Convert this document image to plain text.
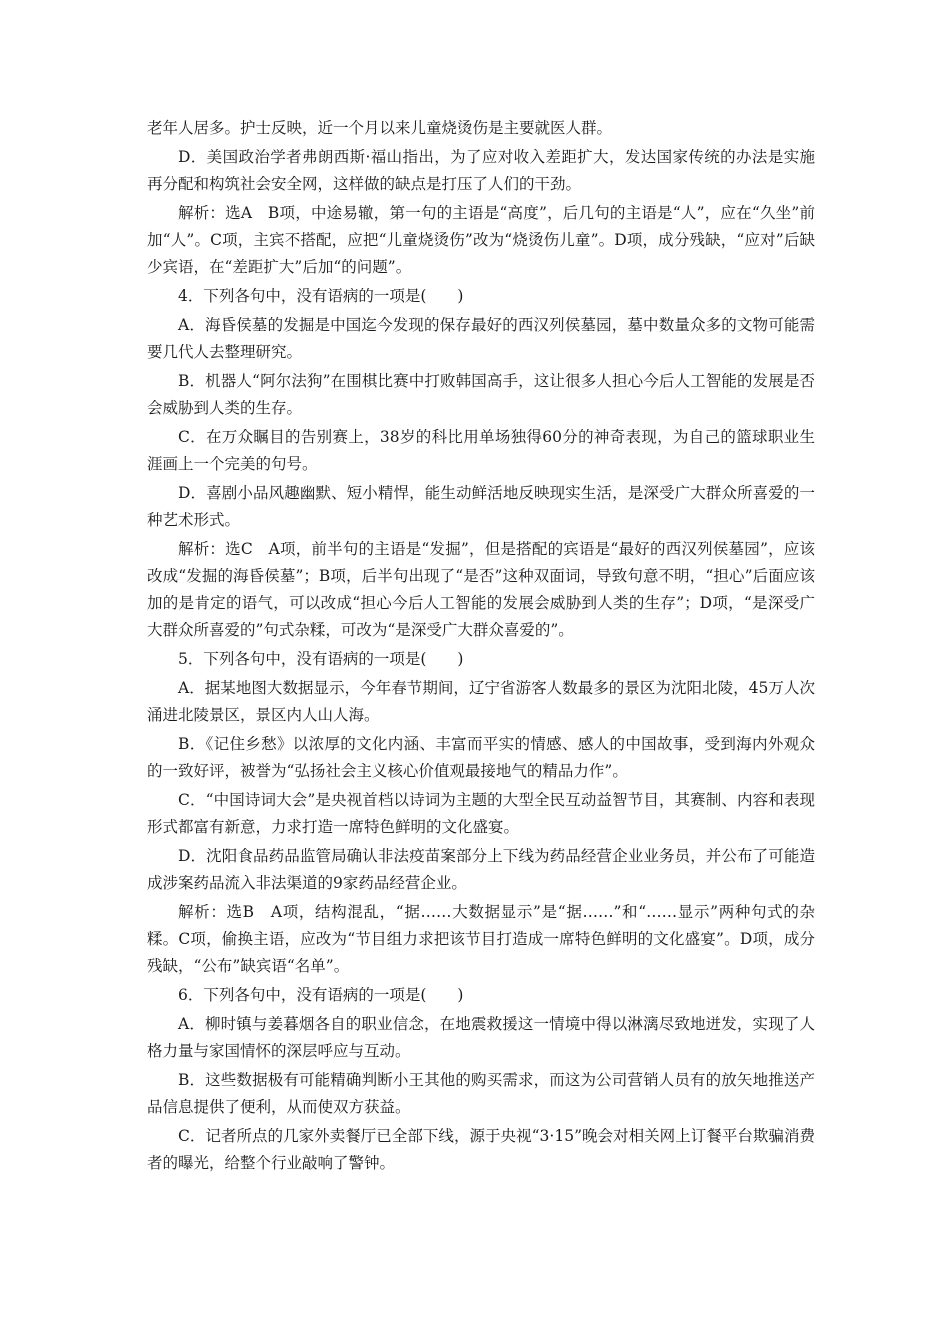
老年人居多。护士反映，近一个月以来儿童烧烫伤是主要就医人群。

D．美国政治学者弗朗西斯·福山指出，为了应对收入差距扩大，发达国家传统的办法是实施再分配和构筑社会安全网，这样做的缺点是打压了人们的干劲。

解析：选A　B项，中途易辙，第一句的主语是“高度”，后几句的主语是“人”，应在“久坐”前加“人”。C项，主宾不搭配，应把“儿童烧烫伤”改为“烧烫伤儿童”。D项，成分残缺，“应对”后缺少宾语，在“差距扩大”后加“的问题”。

4．下列各句中，没有语病的一项是(　　)

A．海昏侯墓的发掘是中国迄今发现的保存最好的西汉列侯墓园，墓中数量众多的文物可能需要几代人去整理研究。

B．机器人“阿尔法狗”在围棋比赛中打败韩国高手，这让很多人担心今后人工智能的发展是否会威胁到人类的生存。

C．在万众瞩目的告别赛上，38岁的科比用单场独得60分的神奇表现，为自己的篮球职业生涯画上一个完美的句号。

D．喜剧小品风趣幽默、短小精悍，能生动鲜活地反映现实生活，是深受广大群众所喜爱的一种艺术形式。

解析：选C　A项，前半句的主语是“发掘”，但是搭配的宾语是“最好的西汉列侯墓园”，应该改成“发掘的海昏侯墓”；B项，后半句出现了“是否”这种双面词，导致句意不明，“担心”后面应该加的是肯定的语气，可以改成“担心今后人工智能的发展会威胁到人类的生存”；D项，“是深受广大群众所喜爱的”句式杂糅，可改为“是深受广大群众喜爱的”。

5．下列各句中，没有语病的一项是(　　)

A．据某地图大数据显示，今年春节期间，辽宁省游客人数最多的景区为沈阳北陵，45万人次涌进北陵景区，景区内人山人海。

B．《记住乡愁》以浓厚的文化内涵、丰富而平实的情感、感人的中国故事，受到海内外观众的一致好评，被誉为“弘扬社会主义核心价值观最接地气的精品力作”。

C．“中国诗词大会”是央视首档以诗词为主题的大型全民互动益智节目，其赛制、内容和表现形式都富有新意，力求打造一席特色鲜明的文化盛宴。

D．沈阳食品药品监管局确认非法疫苗案部分上下线为药品经营企业业务员，并公布了可能造成涉案药品流入非法渠道的9家药品经营企业。

解析：选B　A项，结构混乱，“据……大数据显示”是“据……”和“……显示”两种句式的杂糅。C项，偷换主语，应改为“节目组力求把该节目打造成一席特色鲜明的文化盛宴”。D项，成分残缺，“公布”缺宾语“名单”。

6．下列各句中，没有语病的一项是(　　)

A．柳时镇与姜暮烟各自的职业信念，在地震救援这一情境中得以淋漓尽致地迸发，实现了人格力量与家国情怀的深层呼应与互动。

B．这些数据极有可能精确判断小王其他的购买需求，而这为公司营销人员有的放矢地推送产品信息提供了便利，从而使双方获益。

C．记者所点的几家外卖餐厅已全部下线，源于央视“3·15”晚会对相关网上订餐平台欺骗消费者的曝光，给整个行业敲响了警钟。
